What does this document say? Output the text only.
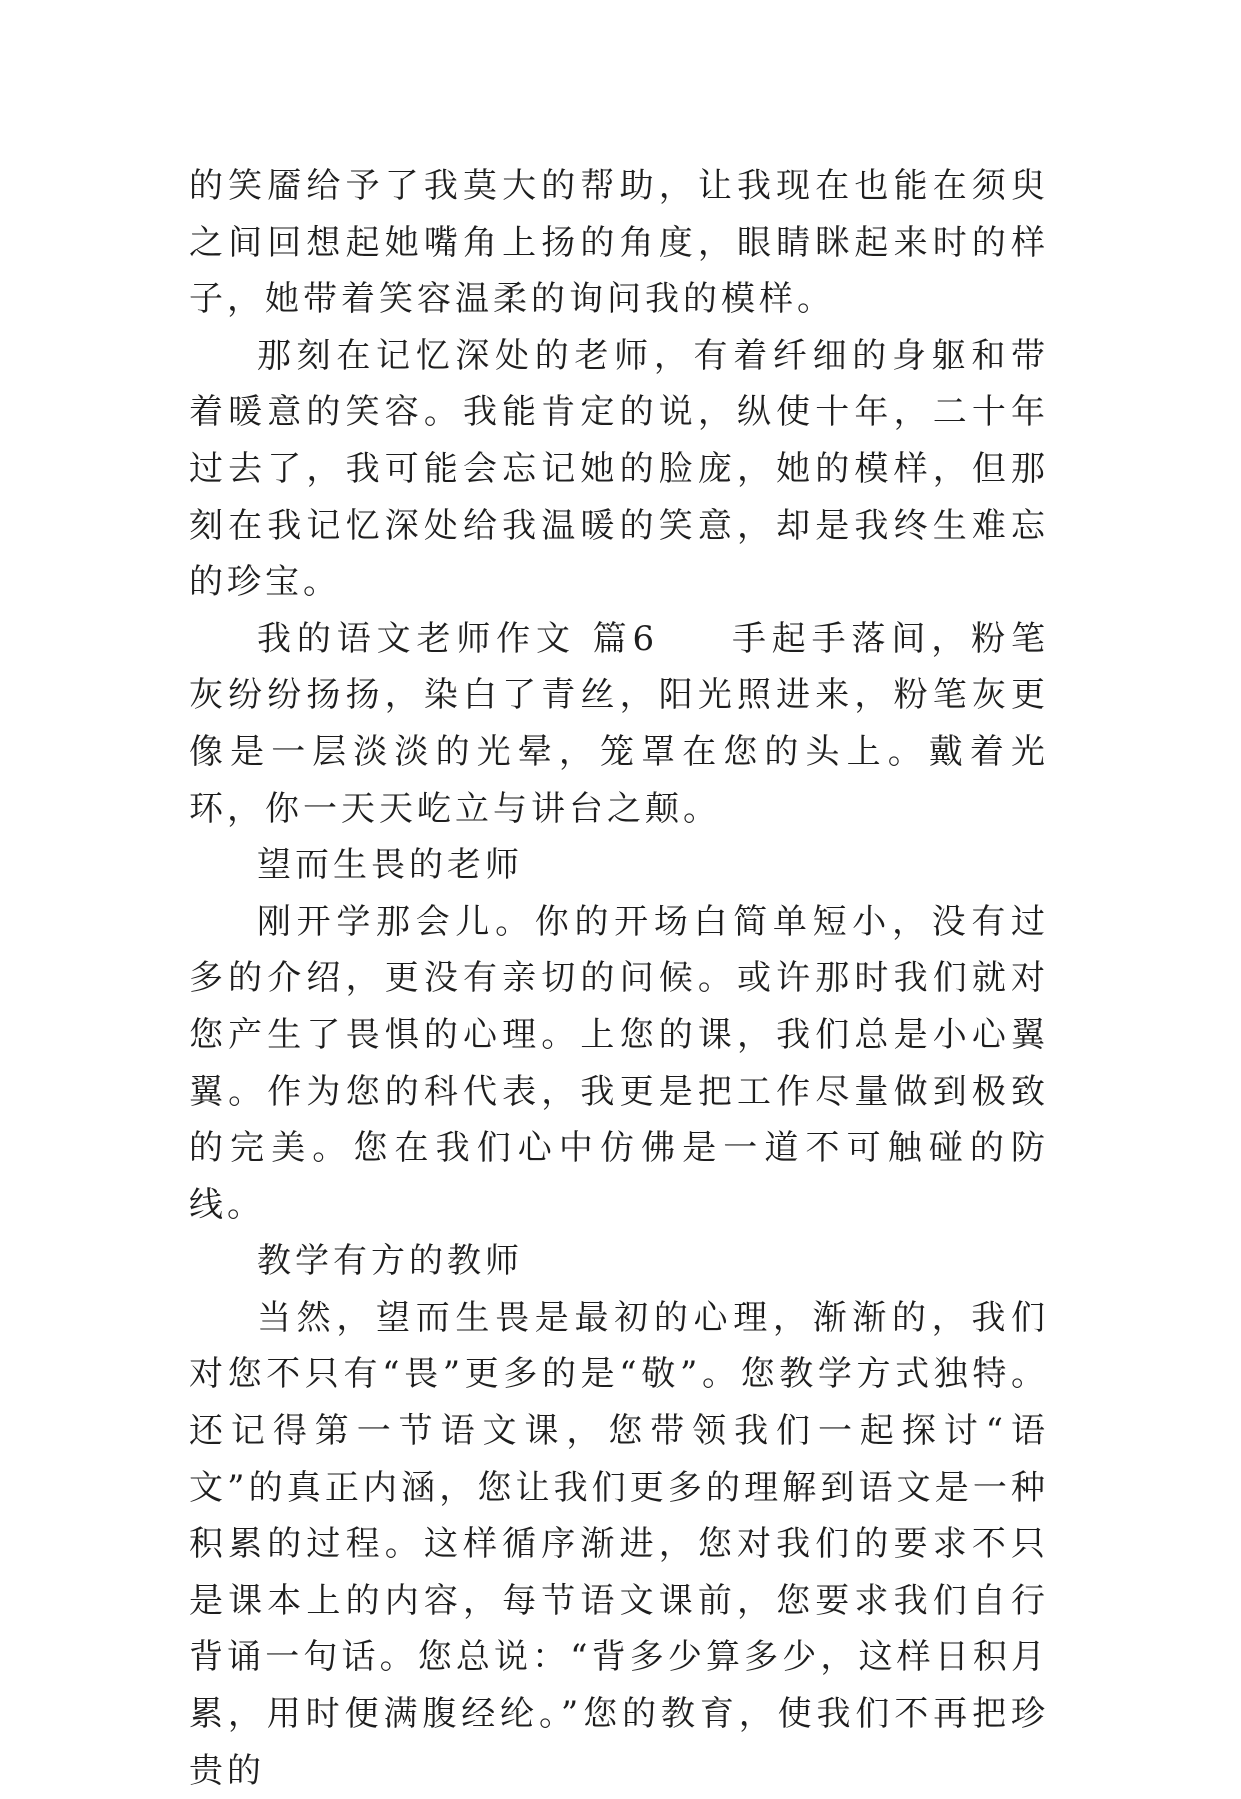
的笑靥给予了我莫大的帮助，让我现在也能在须臾之间回想起她嘴角上扬的角度，眼睛眯起来时的样子，她带着笑容温柔的询问我的模样。

那刻在记忆深处的老师，有着纤细的身躯和带着暖意的笑容。我能肯定的说，纵使十年，二十年过去了，我可能会忘记她的脸庞，她的模样，但那刻在我记忆深处给我温暖的笑意，却是我终生难忘的珍宝。

我的语文老师作文 篇6 手起手落间，粉笔灰纷纷扬扬，染白了青丝，阳光照进来，粉笔灰更像是一层淡淡的光晕，笼罩在您的头上。戴着光环，你一天天屹立与讲台之颠。

望而生畏的老师

刚开学那会儿。你的开场白简单短小，没有过多的介绍，更没有亲切的问候。或许那时我们就对您产生了畏惧的心理。上您的课，我们总是小心翼翼。作为您的科代表，我更是把工作尽量做到极致的完美。您在我们心中仿佛是一道不可触碰的防线。

教学有方的教师

当然，望而生畏是最初的心理，渐渐的，我们对您不只有“畏”更多的是“敬”。您教学方式独特。还记得第一节语文课，您带领我们一起探讨“语文”的真正内涵，您让我们更多的理解到语文是一种积累的过程。这样循序渐进，您对我们的要求不只是课本上的内容，每节语文课前，您要求我们自行背诵一句话。您总说：“背多少算多少，这样日积月累，用时便满腹经纶。”您的教育，使我们不再把珍贵的
